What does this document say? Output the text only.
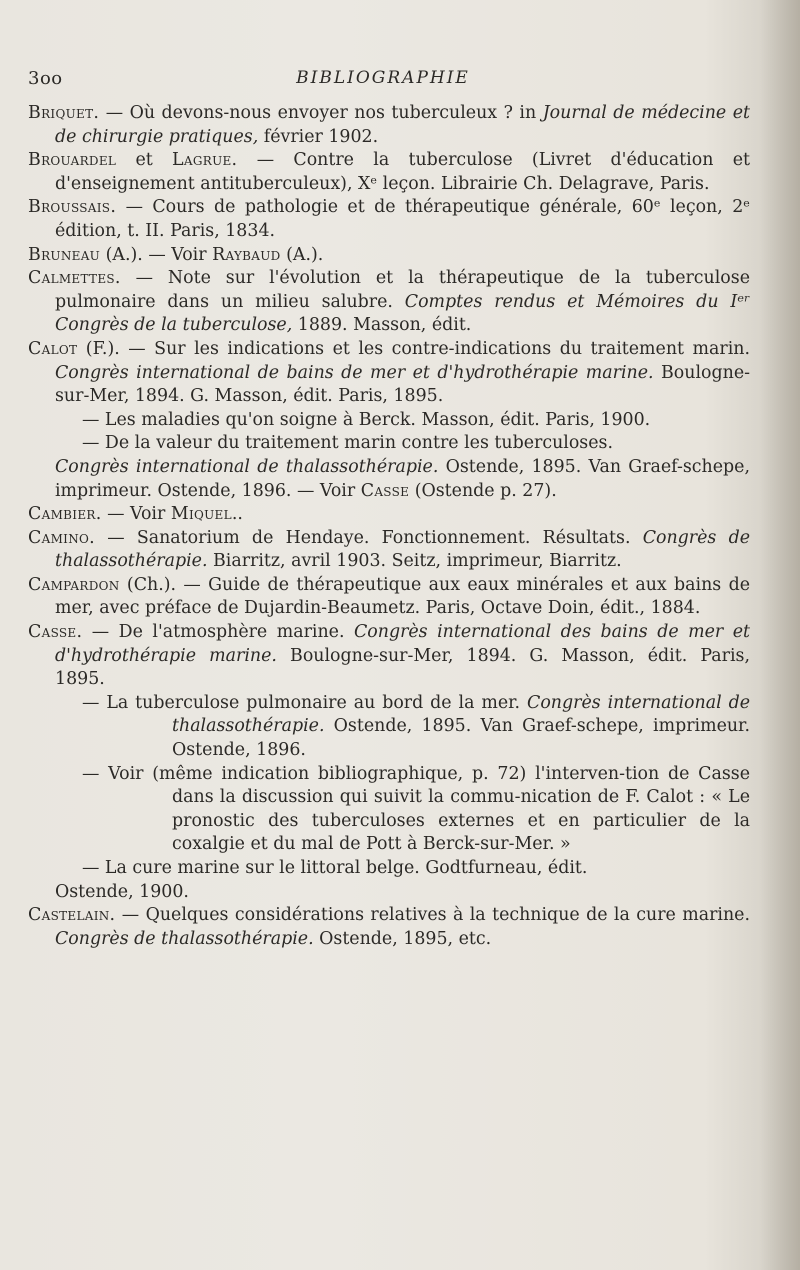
3oo	BIBLIOGRAPHIE

Briquet. — Où devons-nous envoyer nos tuberculeux ? in Journal de médecine et de chirurgie pratiques, février 1902.

Brouardel et Lagrue. — Contre la tuberculose (Livret d'éducation et d'enseignement antituberculeux), Xᵉ leçon. Librairie Ch. Delagrave, Paris.

Broussais. — Cours de pathologie et de thérapeutique générale, 60ᵉ leçon, 2ᵉ édition, t. II. Paris, 1834.

Bruneau (A.). — Voir Raybaud (A.).

Calmettes. — Note sur l'évolution et la thérapeutique de la tuberculose pulmonaire dans un milieu salubre. Comptes rendus et Mémoires du Iᵉʳ Congrès de la tuberculose, 1889. Masson, édit.

Calot (F.). — Sur les indications et les contre-indications du traitement marin. Congrès international de bains de mer et d'hydrothérapie marine. Boulogne-sur-Mer, 1894. G. Masson, édit. Paris, 1895.

— Les maladies qu'on soigne à Berck. Masson, édit. Paris, 1900.

— De la valeur du traitement marin contre les tuberculoses.
Congrès international de thalassothérapie. Ostende, 1895. Van Graef-schepe, imprimeur. Ostende, 1896. — Voir Casse (Ostende p. 27).

Cambier. — Voir Miquel..

Camino. — Sanatorium de Hendaye. Fonctionnement. Résultats. Congrès de thalassothérapie. Biarritz, avril 1903. Seitz, imprimeur, Biarritz.

Campardon (Ch.). — Guide de thérapeutique aux eaux minérales et aux bains de mer, avec préface de Dujardin-Beaumetz. Paris, Octave Doin, édit., 1884.

Casse. — De l'atmosphère marine. Congrès international des bains de mer et d'hydrothérapie marine. Boulogne-sur-Mer, 1894. G. Masson, édit. Paris, 1895.

— La tuberculose pulmonaire au bord de la mer. Congrès international de thalassothérapie. Ostende, 1895. Van Graef-schepe, imprimeur. Ostende, 1896.

— Voir (même indication bibliographique, p. 72) l'interven-tion de Casse dans la discussion qui suivit la commu-nication de F. Calot : « Le pronostic des tuberculoses externes et en particulier de la coxalgie et du mal de Pott à Berck-sur-Mer. »

— La cure marine sur le littoral belge. Godtfurneau, édit.
Ostende, 1900.

Castelain. — Quelques considérations relatives à la technique de la cure marine. Congrès de thalassothérapie. Ostende, 1895, etc.
